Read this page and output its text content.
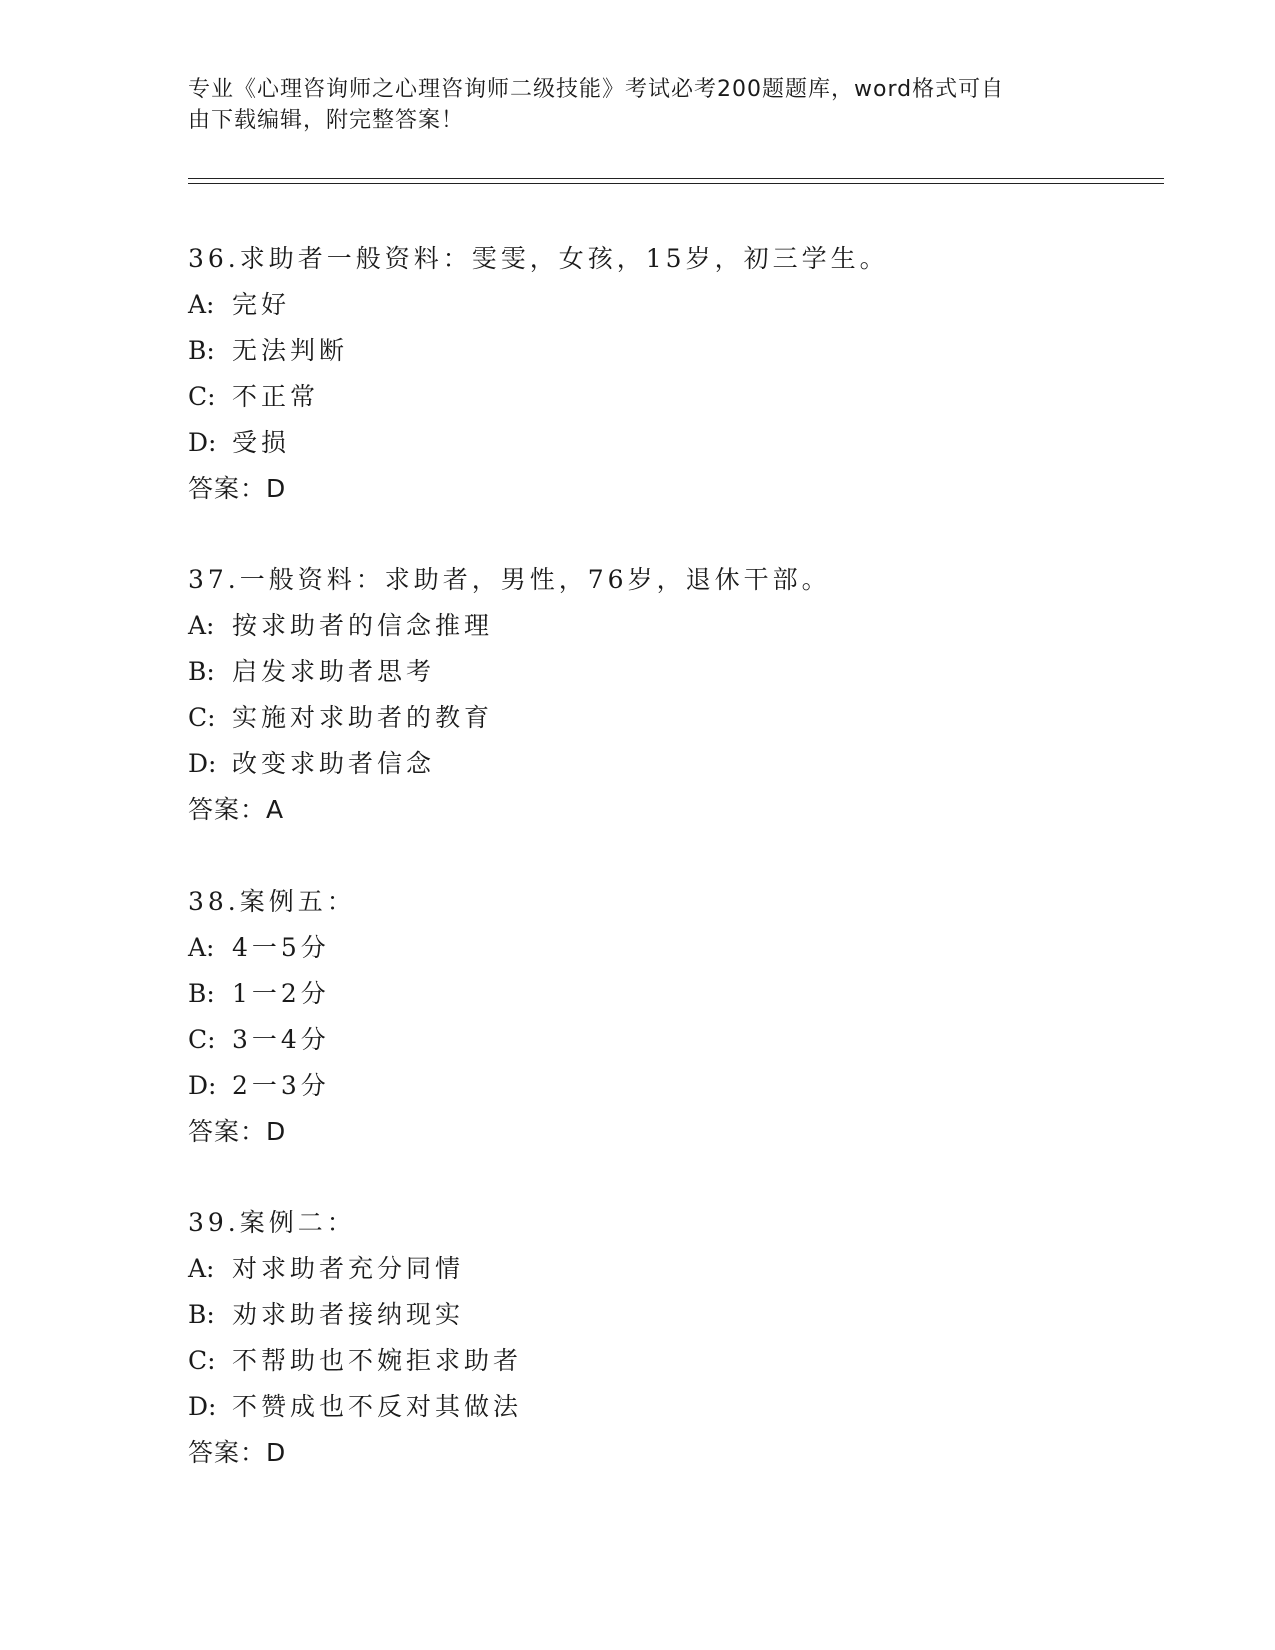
专业《心理咨询师之心理咨询师二级技能》考试必考200题题库，word格式可自
由下载编辑，附完整答案！
36.求助者一般资料：雯雯，女孩，15岁，初三学生。
A: 完好
B: 无法判断
C: 不正常
D: 受损
答案：D
37.一般资料：求助者，男性，76岁，退休干部。
A: 按求助者的信念推理
B: 启发求助者思考
C: 实施对求助者的教育
D: 改变求助者信念
答案：A
38.案例五：
A: 4一5分
B: 1一2分
C: 3一4分
D: 2一3分
答案：D
39.案例二：
A: 对求助者充分同情
B: 劝求助者接纳现实
C: 不帮助也不婉拒求助者
D: 不赞成也不反对其做法
答案：D
